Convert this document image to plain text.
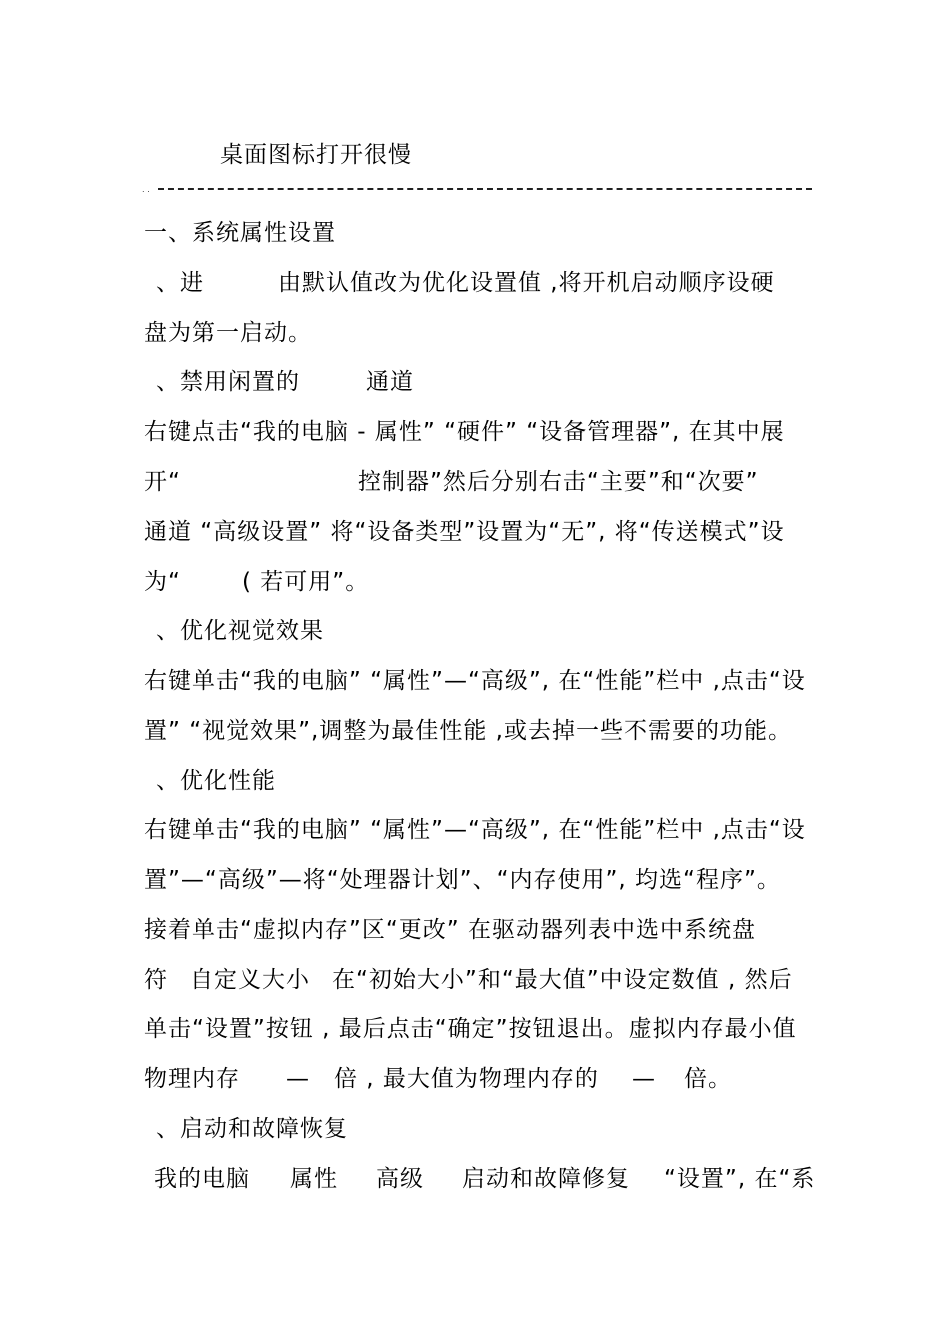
桌面图标打开很慢
. .
一、系统属性设置
、进	由默认值改为优化设置值 ,将开机启动顺序设硬
盘为第一启动。
、禁用闲置的	通道
右键点击“我的电脑 - 属性” “硬件” “设备管理器”, 在其中展
开“	控制器”然后分别右击“主要”和“次要”
通道 “高级设置” 将“设备类型”设置为“无”, 将“传送模式”设
为“	( 若可用”。
、优化视觉效果
右键单击“我的电脑” “属性”—“高级”, 在“性能”栏中 ,点击“设
置” “视觉效果”,调整为最佳性能 ,或去掉一些不需要的功能。
、优化性能
右键单击“我的电脑” “属性”—“高级”, 在“性能”栏中 ,点击“设
置”—“高级”—将“处理器计划”、“内存使用”, 均选“程序”。
接着单击“虚拟内存”区“更改” 在驱动器列表中选中系统盘
符 自定义大小 在“初始大小”和“最大值”中设定数值 , 然后
单击“设置”按钮 , 最后点击“确定”按钮退出。虚拟内存最小值
物理内存 — 倍 , 最大值为物理内存的 — 倍。
、启动和故障恢复
我的电脑 属性 高级 启动和故障修复 “设置”, 在“系
